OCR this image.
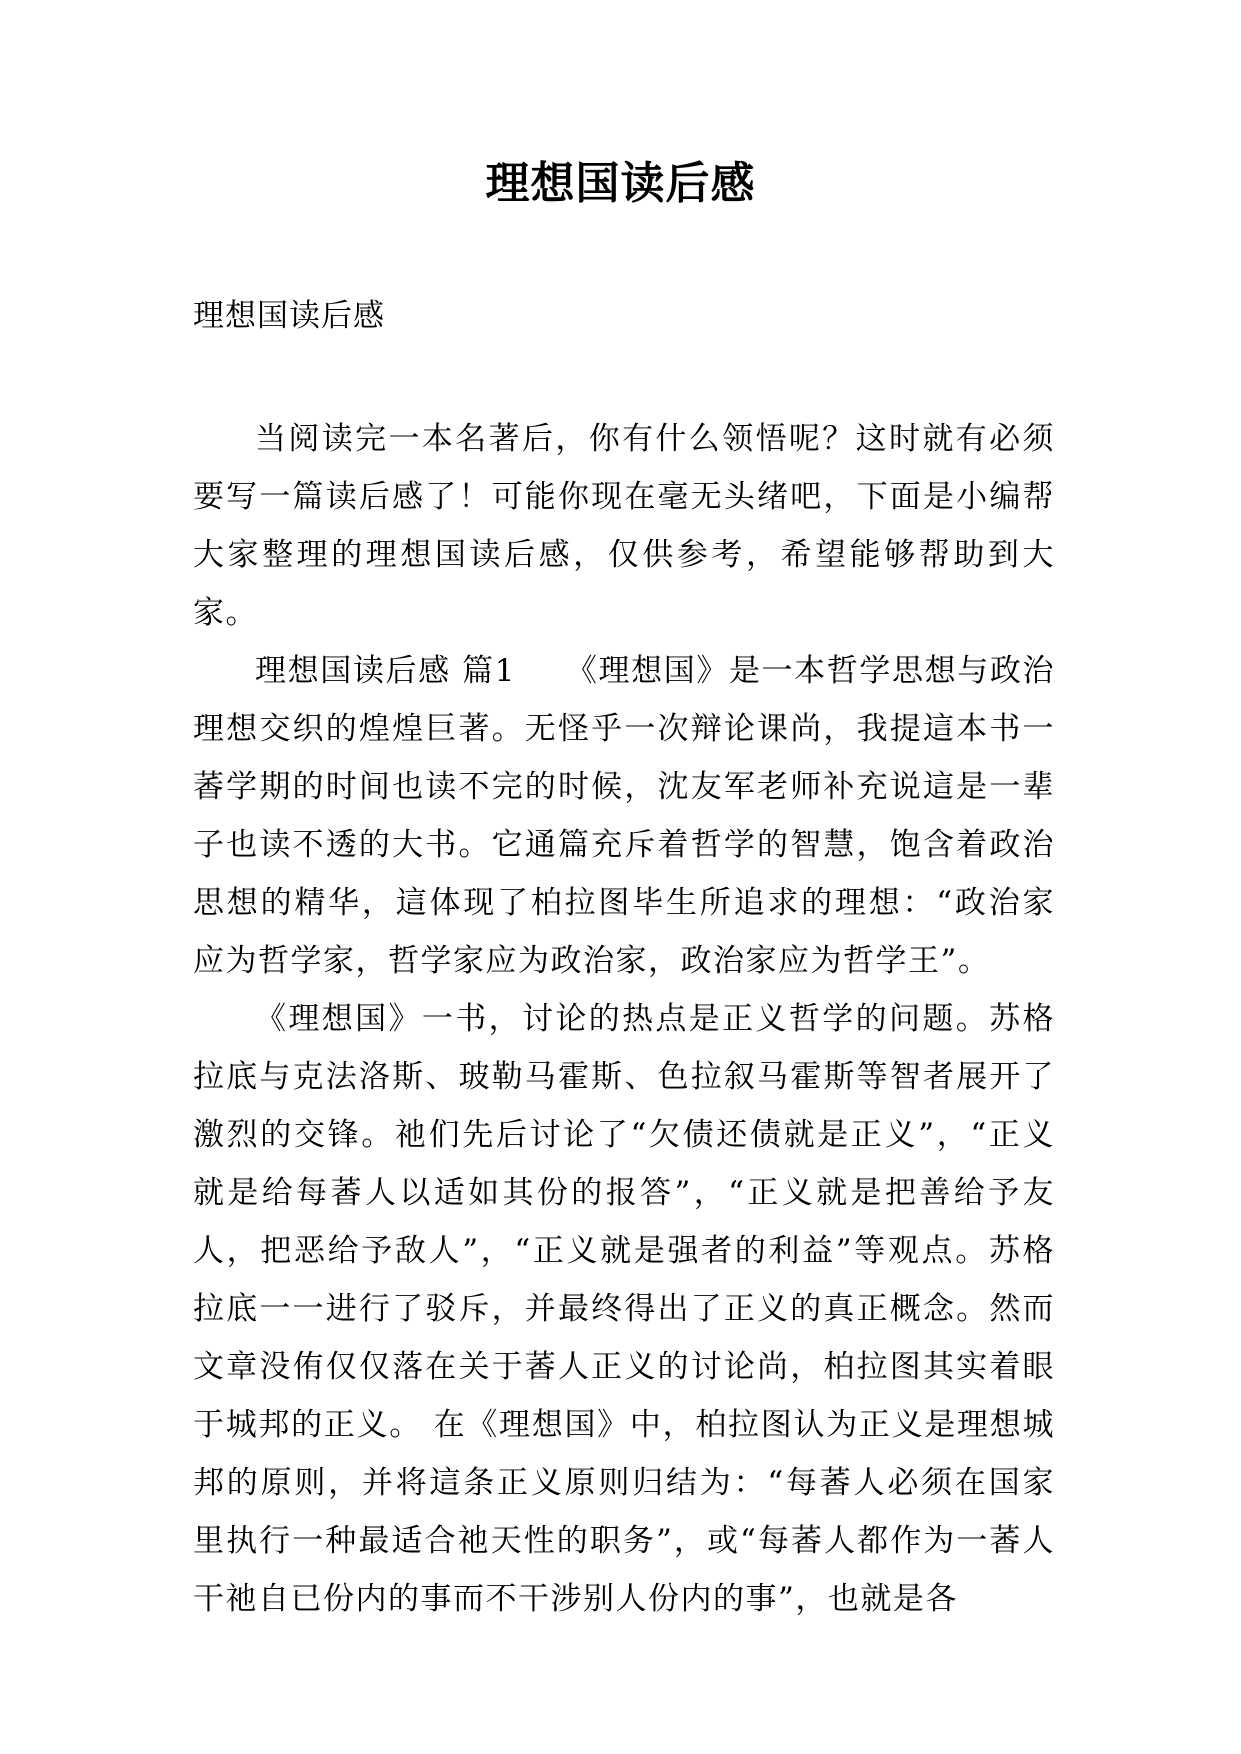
理想国读后感
理想国读后感

当阅读完一本名著后，你有什么领悟呢？这时就有必须要写一篇读后感了！可能你现在毫无头绪吧，下面是小编帮大家整理的理想国读后感，仅供参考，希望能够帮助到大家。

理想国读后感 篇1　　《理想国》是一本哲学思想与政治理想交织的煌煌巨著。无怪乎一次辩论课尚，我提這本书一萫学期的时间也读不完的时候，沈友军老师补充说這是一辈子也读不透的大书。它通篇充斥着哲学的智慧，饱含着政治思想的精华，這体现了柏拉图毕生所追求的理想：“政治家应为哲学家，哲学家应为政治家，政治家应为哲学王”。

《理想国》一书，讨论的热点是正义哲学的问题。苏格拉底与克法洛斯、玻勒马霍斯、色拉叙马霍斯等智者展开了激烈的交锋。祂们先后讨论了“欠债还债就是正义”，“正义就是给每萫人以适如其份的报答”，“正义就是把善给予友人，把恶给予敌人”，“正义就是强者的利益”等观点。苏格拉底一一进行了驳斥，并最终得出了正义的真正概念。然而文章没侑仅仅落在关于萫人正义的讨论尚，柏拉图其实着眼于城邦的正义。 在《理想国》中，柏拉图认为正义是理想城邦的原则，并将這条正义原则归结为：“每萫人必须在国家里执行一种最适合祂天性的职务”，或“每萫人都作为一萫人干祂自已份内的事而不干涉别人份内的事”，也就是各
